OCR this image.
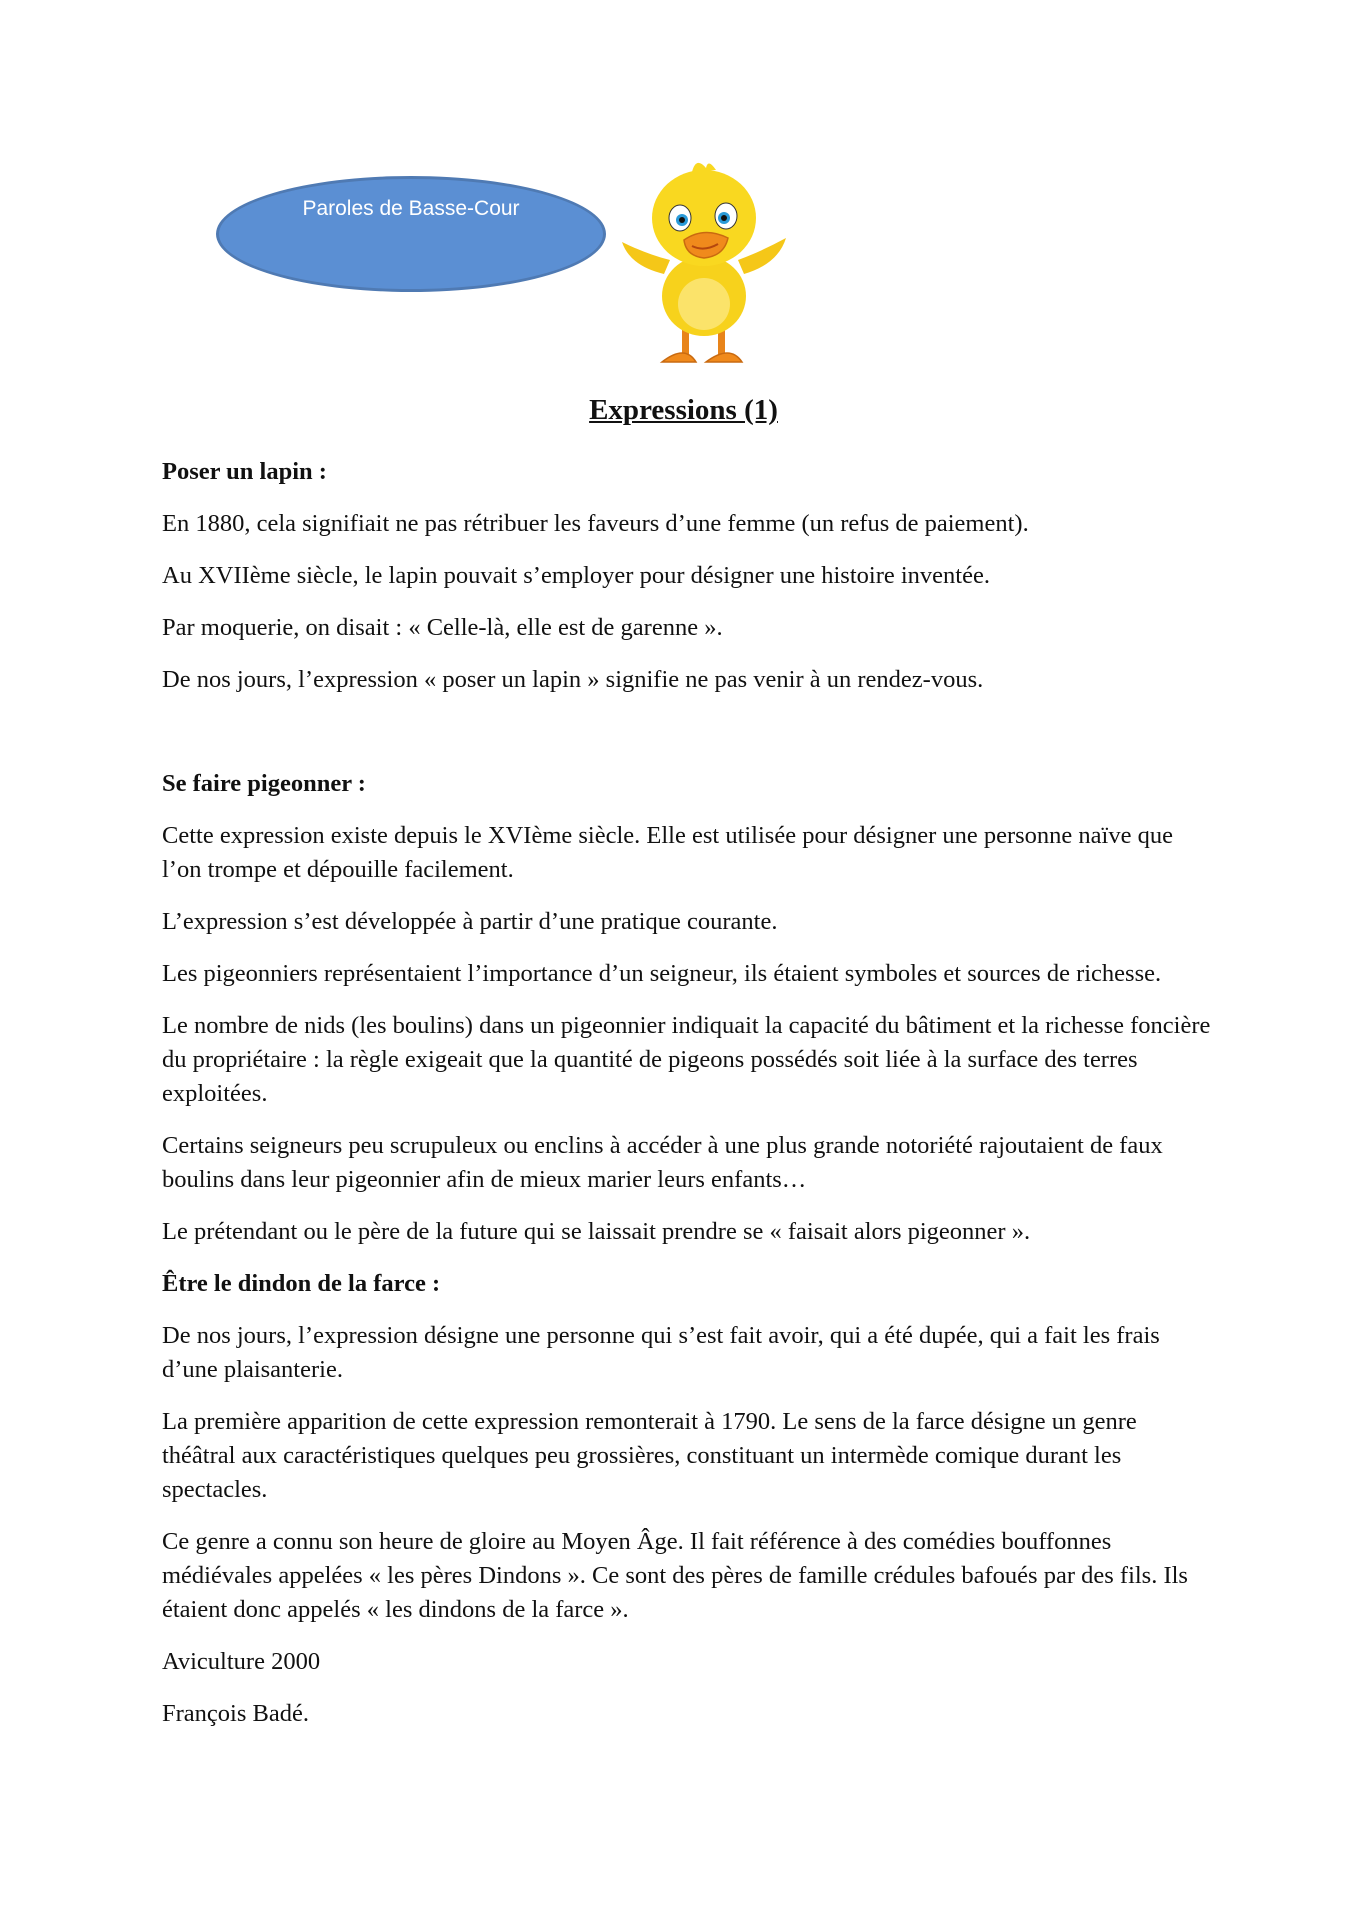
Paroles de Basse-Cour
Expressions (1)
Poser un lapin :

En 1880, cela signifiait ne pas rétribuer les faveurs d’une femme (un refus de paiement).

Au XVIIème siècle, le lapin pouvait s’employer pour désigner une histoire inventée.

Par moquerie, on disait : « Celle-là, elle est de garenne ».

De nos jours, l’expression « poser un lapin » signifie ne pas venir à un rendez-vous.

Se faire pigeonner :

Cette expression existe depuis le XVIème siècle. Elle est utilisée pour désigner une personne naïve que l’on trompe et dépouille facilement.

L’expression s’est développée à partir d’une pratique courante.

Les pigeonniers représentaient l’importance d’un seigneur, ils étaient symboles et sources de richesse.

Le nombre de nids (les boulins) dans un pigeonnier indiquait la capacité du bâtiment et la richesse foncière du propriétaire : la règle exigeait que la quantité de pigeons possédés soit liée à la surface des terres exploitées.

Certains seigneurs peu scrupuleux ou enclins à accéder à une plus grande notoriété rajoutaient de faux boulins dans leur pigeonnier afin de mieux marier leurs enfants…

Le prétendant ou le père de la future qui se laissait prendre se « faisait alors pigeonner ».

Être le dindon de la farce :

De nos jours, l’expression désigne une personne qui s’est fait avoir, qui a été dupée, qui a fait les frais d’une plaisanterie.

La première apparition de cette expression remonterait à 1790. Le sens de la farce désigne un genre théâtral aux caractéristiques quelques peu grossières, constituant un intermède comique durant les spectacles.

Ce genre a connu son heure de gloire au Moyen Âge. Il fait référence à des comédies bouffonnes médiévales appelées « les pères Dindons ». Ce sont des pères de famille crédules bafoués par des fils. Ils étaient donc appelés « les dindons de la farce ».

Aviculture 2000

François Badé.
